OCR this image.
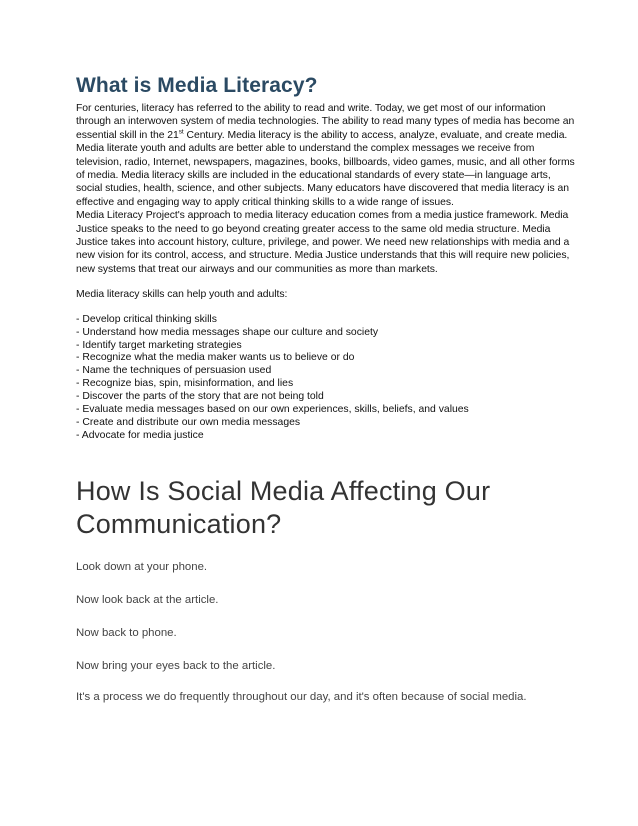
What is Media Literacy?

For centuries, literacy has referred to the ability to read and write. Today, we get most of our information through an interwoven system of media technologies. The ability to read many types of media has become an essential skill in the 21st Century. Media literacy is the ability to access, analyze, evaluate, and create media. Media literate youth and adults are better able to understand the complex messages we receive from television, radio, Internet, newspapers, magazines, books, billboards, video games, music, and all other forms of media. Media literacy skills are included in the educational standards of every state—in language arts, social studies, health, science, and other subjects. Many educators have discovered that media literacy is an effective and engaging way to apply critical thinking skills to a wide range of issues.

Media Literacy Project's approach to media literacy education comes from a media justice framework. Media Justice speaks to the need to go beyond creating greater access to the same old media structure. Media Justice takes into account history, culture, privilege, and power. We need new relationships with media and a new vision for its control, access, and structure. Media Justice understands that this will require new policies, new systems that treat our airways and our communities as more than markets.

Media literacy skills can help youth and adults:

- Develop critical thinking skills
- Understand how media messages shape our culture and society
- Identify target marketing strategies
- Recognize what the media maker wants us to believe or do
- Name the techniques of persuasion used
- Recognize bias, spin, misinformation, and lies
- Discover the parts of the story that are not being told
- Evaluate media messages based on our own experiences, skills, beliefs, and values
- Create and distribute our own media messages
- Advocate for media justice
How Is Social Media Affecting Our Communication?

Look down at your phone.

Now look back at the article.

Now back to phone.

Now bring your eyes back to the article.

It's a process we do frequently throughout our day, and it's often because of social media.
